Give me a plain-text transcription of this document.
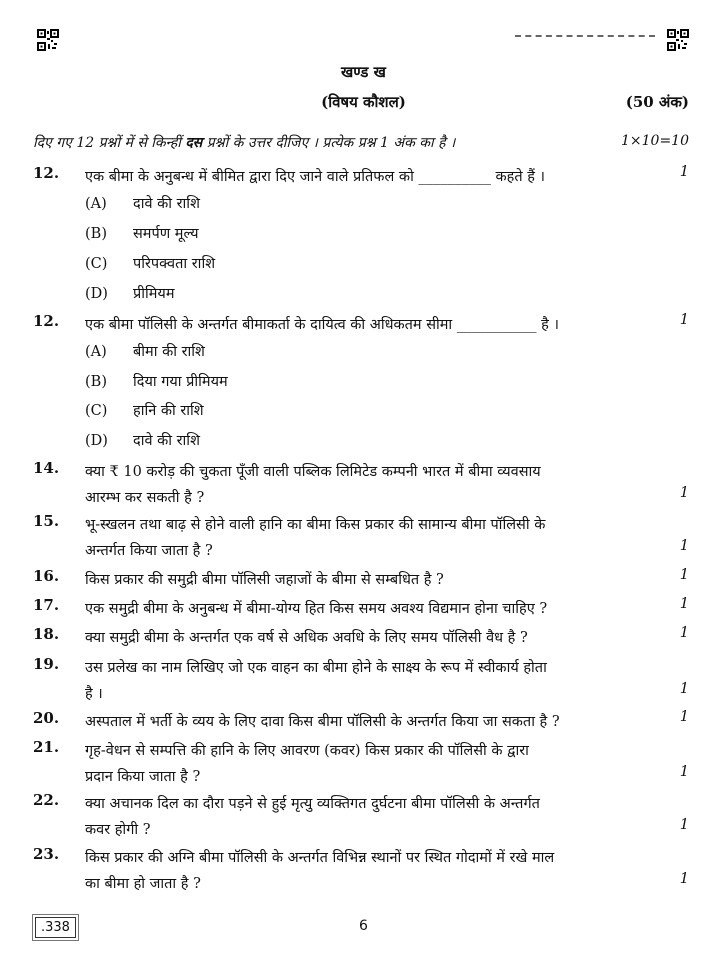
खण्ड ख
(विषय कौशल)	(50 अंक)
दिए गए 12 प्रश्नों में से किन्हीं दस प्रश्नों के उत्तर दीजिए । प्रत्येक प्रश्न 1 अंक का है ।	1×10=10
12. एक बीमा के अनुबन्ध में बीमित द्वारा दिए जाने वाले प्रतिफल को __________ कहते हैं ।	1
(A) दावे की राशि
(B) समर्पण मूल्य
(C) परिपक्वता राशि
(D) प्रीमियम
12. एक बीमा पॉलिसी के अन्तर्गत बीमाकर्ता के दायित्व की अधिकतम सीमा ___________ है ।	1
(A) बीमा की राशि
(B) दिया गया प्रीमियम
(C) हानि की राशि
(D) दावे की राशि
14. क्या ₹ 10 करोड़ की चुकता पूँजी वाली पब्लिक लिमिटेड कम्पनी भारत में बीमा व्यवसाय
आरम्भ कर सकती है ?	1
15. भू-स्खलन तथा बाढ़ से होने वाली हानि का बीमा किस प्रकार की सामान्य बीमा पॉलिसी के
अन्तर्गत किया जाता है ?	1
16. किस प्रकार की समुद्री बीमा पॉलिसी जहाजों के बीमा से सम्बधित है ?	1
17. एक समुद्री बीमा के अनुबन्ध में बीमा-योग्य हित किस समय अवश्य विद्यमान होना चाहिए ?	1
18. क्या समुद्री बीमा के अन्तर्गत एक वर्ष से अधिक अवधि के लिए समय पॉलिसी वैध है ?	1
19. उस प्रलेख का नाम लिखिए जो एक वाहन का बीमा होने के साक्ष्य के रूप में स्वीकार्य होता
है ।	1
20. अस्पताल में भर्ती के व्यय के लिए दावा किस बीमा पॉलिसी के अन्तर्गत किया जा सकता है ?	1
21. गृह-वेधन से सम्पत्ति की हानि के लिए आवरण (कवर) किस प्रकार की पॉलिसी के द्वारा
प्रदान किया जाता है ?	1
22. क्या अचानक दिल का दौरा पड़ने से हुई मृत्यु व्यक्तिगत दुर्घटना बीमा पॉलिसी के अन्तर्गत
कवर होगी ?	1
23. किस प्रकार की अग्नि बीमा पॉलिसी के अन्तर्गत विभिन्न स्थानों पर स्थित गोदामों में रखे माल
का बीमा हो जाता है ?	1
.338	6
